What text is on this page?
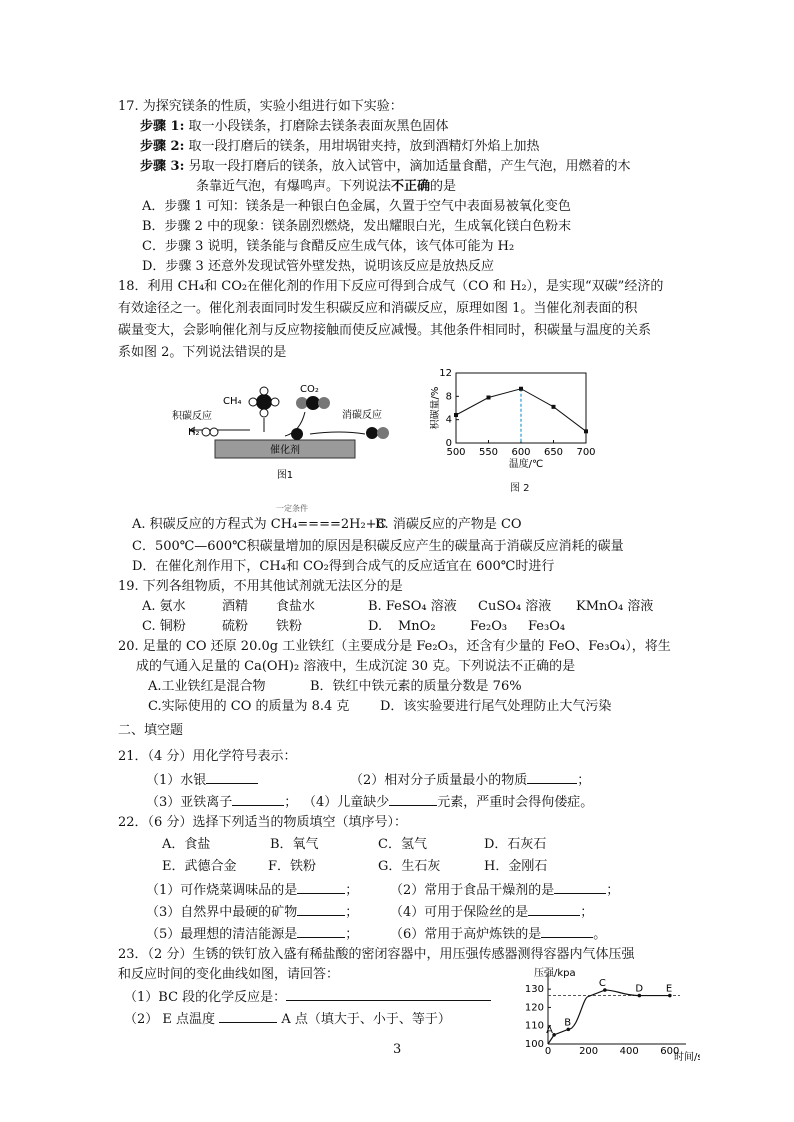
17. 为探究镁条的性质，实验小组进行如下实验：
步骤 1: 取一小段镁条，打磨除去镁条表面灰黑色固体
步骤 2: 取一段打磨后的镁条，用坩埚钳夹持，放到酒精灯外焰上加热
步骤 3: 另取一段打磨后的镁条，放入试管中，滴加适量食醋，产生气泡，用燃着的木
条靠近气泡，有爆鸣声。下列说法不正确的是
A．步骤 1 可知：镁条是一种银白色金属，久置于空气中表面易被氧化变色
B．步骤 2 中的现象：镁条剧烈燃烧，发出耀眼白光，生成氧化镁白色粉末
C．步骤 3 说明，镁条能与食醋反应生成气体，该气体可能为 H₂
D．步骤 3 还意外发现试管外壁发热，说明该反应是放热反应
18．利用 CH₄和 CO₂在催化剂的作用下反应可得到合成气（CO 和 H₂），是实现“双碳”经济的
有效途径之一。催化剂表面同时发生积碳反应和消碳反应，原理如图 1。当催化剂表面的积
碳量变大，会影响催化剂与反应物接触而使反应减慢。其他条件相同时，积碳量与温度的关系
系如图 2。下列说法错误的是
催化剂
CH₄
CO₂
积碳反应
H₂
消碳反应
图1
0
4
8
12
500 550 600 650 700
温度/℃
积碳量/%
图 2
一定条件
A. 积碳反应的方程式为 CH₄====2H₂+C
B. 消碳反应的产物是 CO
C．500℃—600℃积碳量增加的原因是积碳反应产生的碳量高于消碳反应消耗的碳量
D．在催化剂作用下，CH₄和 CO₂得到合成气的反应适宜在 600℃时进行
19. 下列各组物质，不用其他试剂就无法区分的是
A. 氨水	酒精 食盐水	B. FeSO₄ 溶液 CuSO₄ 溶液 KMnO₄ 溶液
C. 铜粉	硫粉 铁粉	D. MnO₂	Fe₂O₃ Fe₃O₄
20. 足量的 CO 还原 20.0g 工业铁红（主要成分是 Fe₂O₃，还含有少量的 FeO、Fe₃O₄），将生
成的气通入足量的 Ca(OH)₂ 溶液中，生成沉淀 30 克。下列说法不正确的是
A.工业铁红是混合物	B．铁红中铁元素的质量分数是 76%
C.实际使用的 CO 的质量为 8.4 克 D．该实验要进行尾气处理防止大气污染
二、填空题
21．（4 分）用化学符号表示：
（1）水银	（2）相对分子质量最小的物质	；
（3）亚铁离子	； （4）儿童缺少	元素，严重时会得佝偻症。
22．（6 分）选择下列适当的物质填空（填序号）：
A．食盐	B．氧气	C．氢气	D．石灰石
E．武德合金 F．铁粉	G．生石灰	H．金刚石
（1）可作烧菜调味品的是	； （2）常用于食品干燥剂的是	；
（3）自然界中最硬的矿物	； （4）可用于保险丝的是	；
（5）最理想的清洁能源是	； （6）常用于高炉炼铁的是	。
23．（2 分）生锈的铁钉放入盛有稀盐酸的密闭容器中，用压强传感器测得容器内气体压强
和反应时间的变化曲线如图，请回答：
（1）BC 段的化学反应是：
（2） E 点温度	A 点（填大于、小于、等于）
压强/kpa
时间/s
100
110
120
130
0	200 400 600
A
B
C	D E
3
